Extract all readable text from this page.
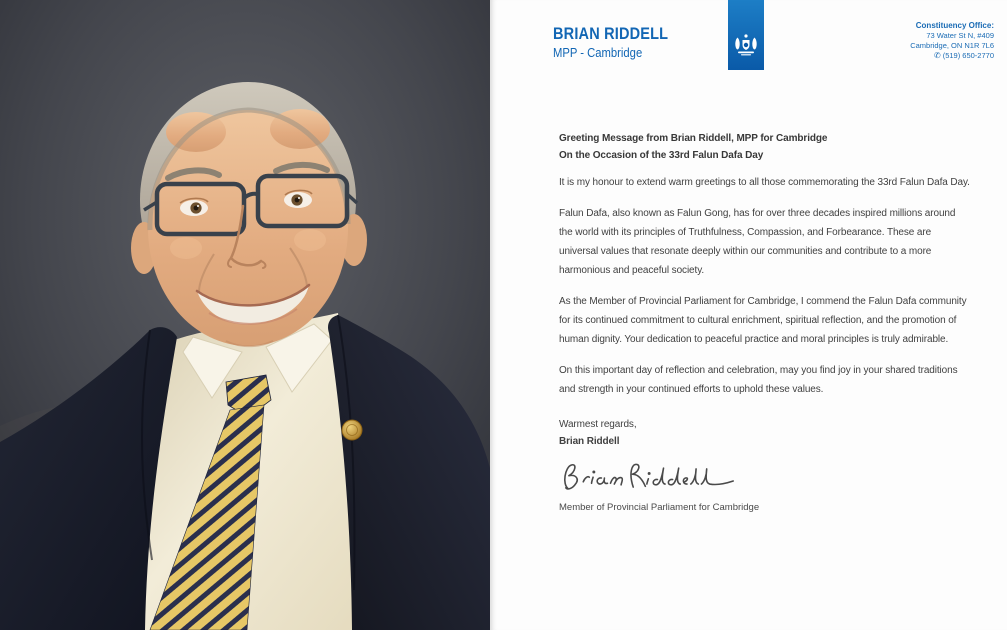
BRIAN RIDDELL
MPP - Cambridge
Constituency Office:
73 Water St N, #409
Cambridge, ON N1R 7L6
✆ (519) 650-2770
Greeting Message from Brian Riddell, MPP for Cambridge
On the Occasion of the 33rd Falun Dafa Day

It is my honour to extend warm greetings to all those commemorating the 33rd Falun Dafa Day.

Falun Dafa, also known as Falun Gong, has for over three decades inspired millions around the world with its principles of Truthfulness, Compassion, and Forbearance. These are universal values that resonate deeply within our communities and contribute to a more harmonious and peaceful society.

As the Member of Provincial Parliament for Cambridge, I commend the Falun Dafa community for its continued commitment to cultural enrichment, spiritual reflection, and the promotion of human dignity. Your dedication to peaceful practice and moral principles is truly admirable.

On this important day of reflection and celebration, may you find joy in your shared traditions and strength in your continued efforts to uphold these values.

Warmest regards,
Brian Riddell
Member of Provincial Parliament for Cambridge
